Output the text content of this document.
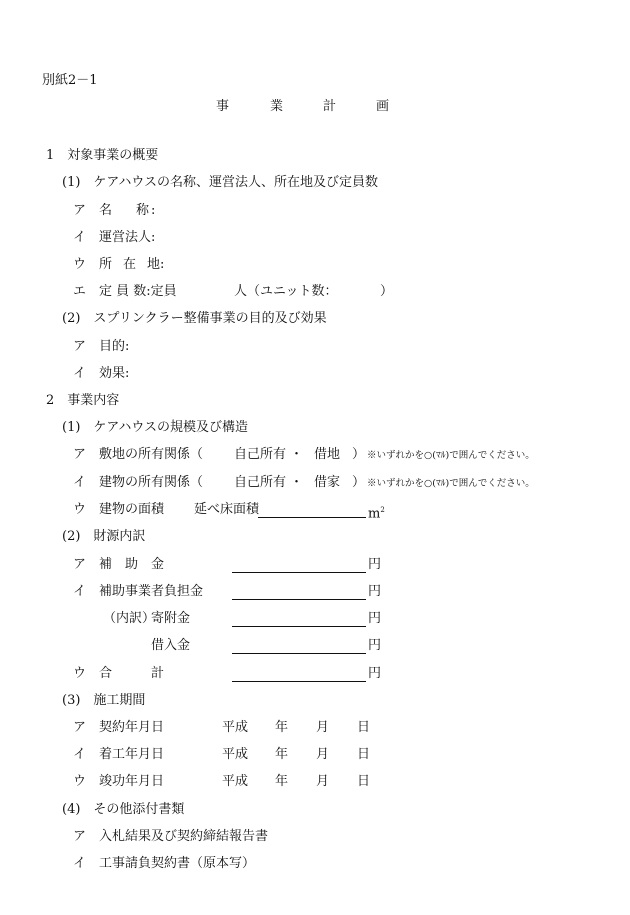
別紙2－1
事	業	計	画
1　対象事業の概要
(1)　ケアハウスの名称、運営法人、所在地及び定員数
ア 名 称 :
イ 運営法人:
ウ 所 在 地:
エ 定 員 数:定員	人（ユニット数：	）
(2)　スプリンクラー整備事業の目的及び効果
ア 目的:
イ 効果:
2　事業内容
(1)　ケアハウスの規模及び構造
ア 敷地の所有関係（ 自己所有 ・ 借地 ） ※いずれかを○(ﾏﾙ)で囲んでください。
イ 建物の所有関係（ 自己所有 ・ 借家 ） ※いずれかを○(ﾏﾙ)で囲んでください。
ウ 建物の面積 延べ床面積	$m^2$
(2)　財源内訳
ア 補 助 金	円
イ 補助事業者負担金	円
（内訳）
寄附金	円
借入金	円
ウ 合	計	円
(3)　施工期間
ア 契約年月日	平成 年 月 日
イ 着工年月日	平成 年 月 日
ウ 竣功年月日	平成 年 月 日
(4)　その他添付書類
ア 入札結果及び契約締結報告書
イ 工事請負契約書（原本写）
